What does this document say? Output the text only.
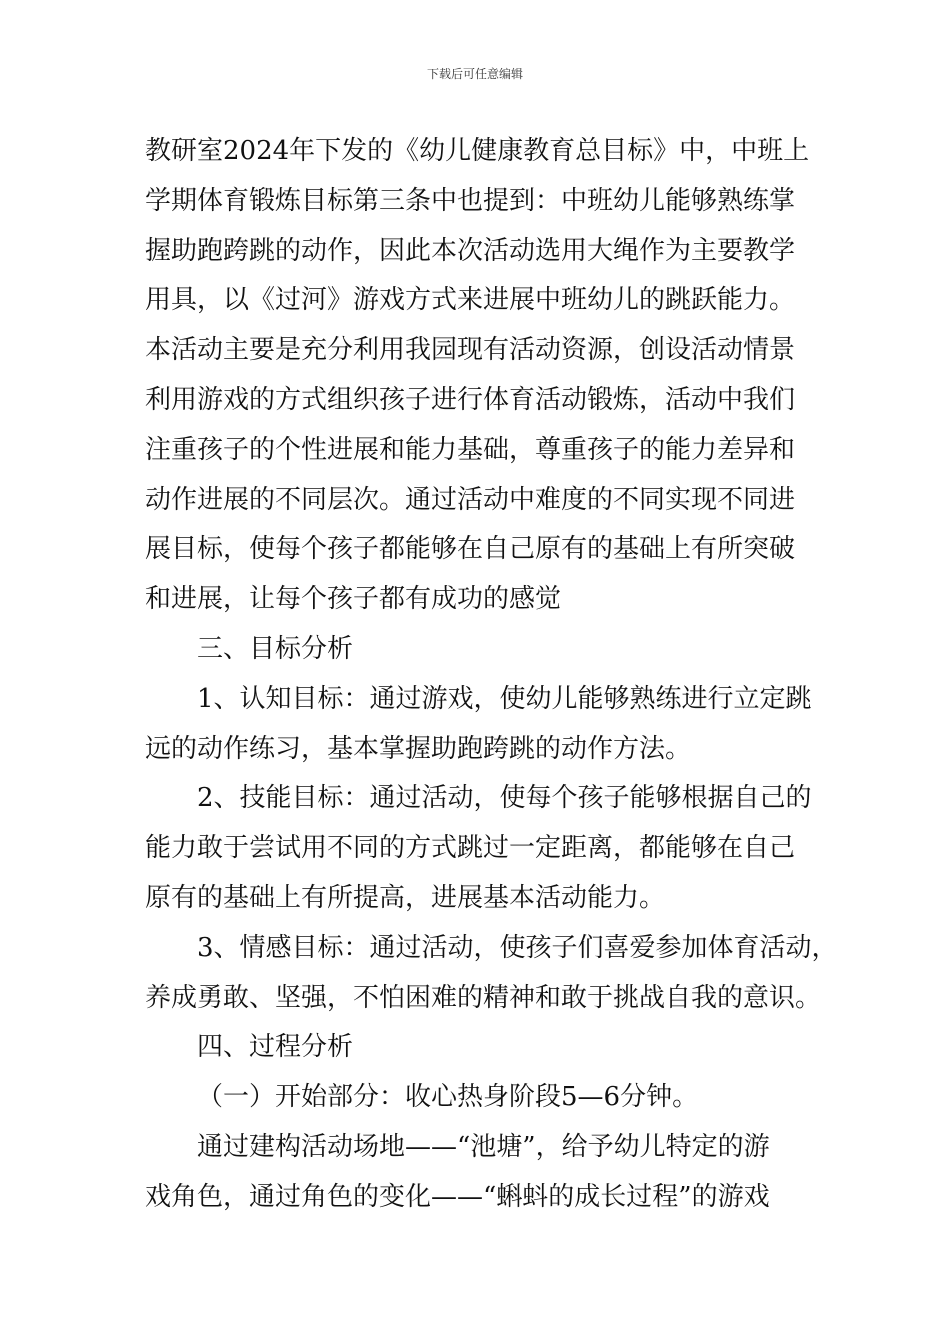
下载后可任意编辑
教研室2024年下发的《幼儿健康教育总目标》中，中班上
学期体育锻炼目标第三条中也提到：中班幼儿能够熟练掌
握助跑跨跳的动作，因此本次活动选用大绳作为主要教学
用具，以《过河》游戏方式来进展中班幼儿的跳跃能力。
本活动主要是充分利用我园现有活动资源，创设活动情景
利用游戏的方式组织孩子进行体育活动锻炼，活动中我们
注重孩子的个性进展和能力基础，尊重孩子的能力差异和
动作进展的不同层次。通过活动中难度的不同实现不同进
展目标，使每个孩子都能够在自己原有的基础上有所突破
和进展，让每个孩子都有成功的感觉
三、目标分析
1、认知目标：通过游戏，使幼儿能够熟练进行立定跳
远的动作练习，基本掌握助跑跨跳的动作方法。
2、技能目标：通过活动，使每个孩子能够根据自己的
能力敢于尝试用不同的方式跳过一定距离，都能够在自己
原有的基础上有所提高，进展基本活动能力。
3、情感目标：通过活动，使孩子们喜爱参加体育活动，
养成勇敢、坚强，不怕困难的精神和敢于挑战自我的意识。
四、过程分析
（一）开始部分：收心热身阶段5—6分钟。
通过建构活动场地——“池塘”，给予幼儿特定的游
戏角色，通过角色的变化——“蝌蚪的成长过程”的游戏
